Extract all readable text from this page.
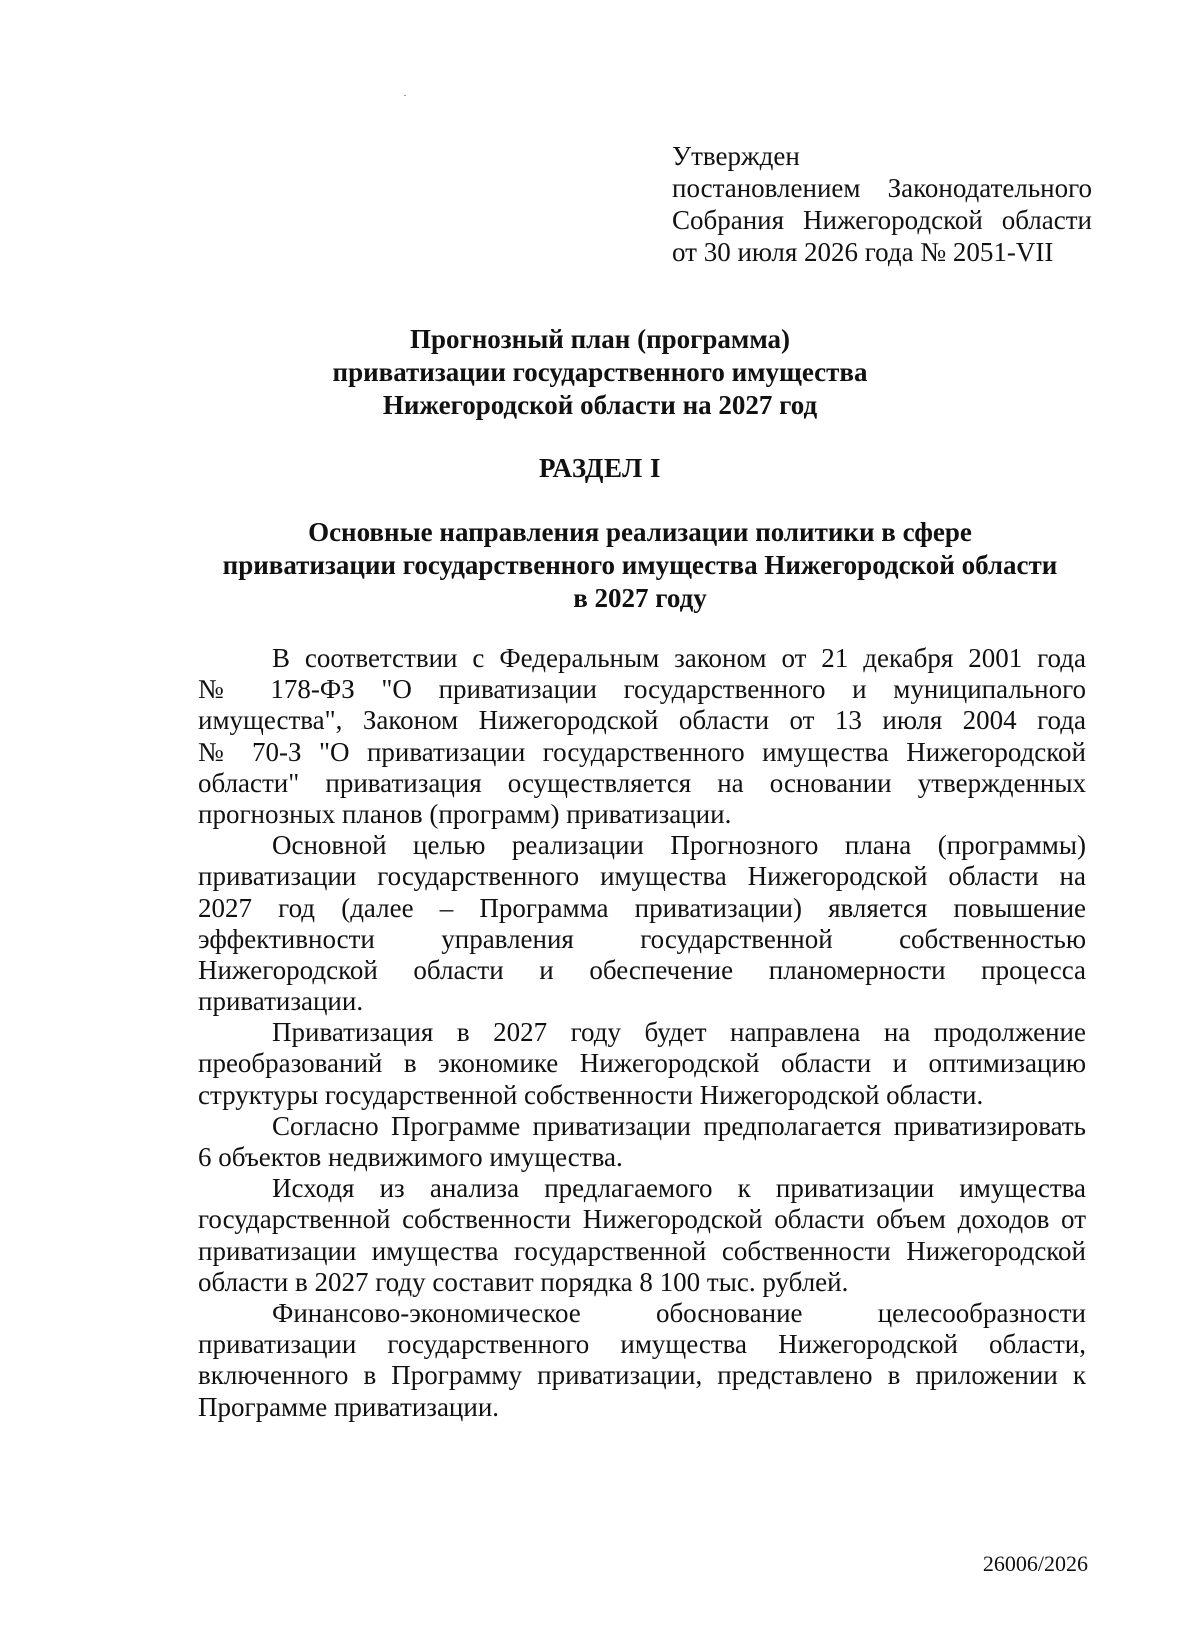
Утвержден
постановлением Законодательного
Собрания Нижегородской области
от 30 июля 2026 года № 2051-VII
Прогнозный план (программа)
приватизации государственного имущества
Нижегородской области на 2027 год
РАЗДЕЛ I
Основные направления реализации политики в сфере
приватизации государственного имущества Нижегородской области
в 2027 году
В соответствии с Федеральным законом от 21 декабря 2001 года
№ 178-ФЗ "О приватизации государственного и муниципального
имущества", Законом Нижегородской области от 13 июля 2004 года
№ 70-З "О приватизации государственного имущества Нижегородской
области" приватизация осуществляется на основании утвержденных
прогнозных планов (программ) приватизации.
Основной целью реализации Прогнозного плана (программы)
приватизации государственного имущества Нижегородской области на
2027 год (далее – Программа приватизации) является повышение
эффективности управления государственной собственностью
Нижегородской области и обеспечение планомерности процесса
приватизации.
Приватизация в 2027 году будет направлена на продолжение
преобразований в экономике Нижегородской области и оптимизацию
структуры государственной собственности Нижегородской области.
Согласно Программе приватизации предполагается приватизировать
6 объектов недвижимого имущества.
Исходя из анализа предлагаемого к приватизации имущества
государственной собственности Нижегородской области объем доходов от
приватизации имущества государственной собственности Нижегородской
области в 2027 году составит порядка 8 100 тыс. рублей.
Финансово-экономическое обоснование целесообразности
приватизации государственного имущества Нижегородской области,
включенного в Программу приватизации, представлено в приложении к
Программе приватизации.
26006/2026
